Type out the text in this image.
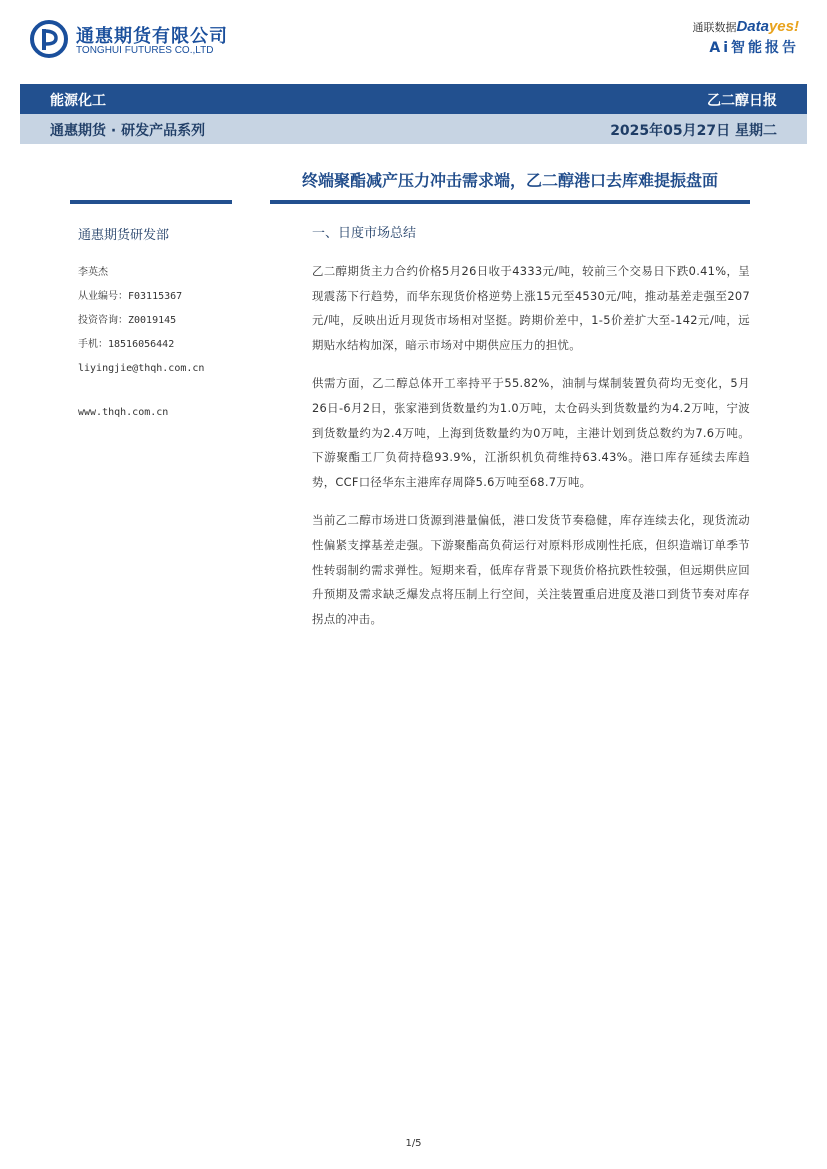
通惠期货有限公司
TONGHUI FUTURES CO.,LTD
通联数据Datayes!
Ai智能报告
能源化工	乙二醇日报
通惠期货 · 研发产品系列	2025年05月27日 星期二
终端聚酯减产压力冲击需求端，乙二醇港口去库难提振盘面
通惠期货研发部
李英杰
从业编号：F03115367
投资咨询：Z0019145
手机：18516056442
liyingjie@thqh.com.cn
www.thqh.com.cn
一、日度市场总结

乙二醇期货主力合约价格5月26日收于4333元/吨，较前三个交易日下跌0.41%，呈现震荡下行趋势，而华东现货价格逆势上涨15元至4530元/吨，推动基差走强至207元/吨，反映出近月现货市场相对坚挺。跨期价差中，1-5价差扩大至-142元/吨，远期贴水结构加深，暗示市场对中期供应压力的担忧。

供需方面，乙二醇总体开工率持平于55.82%，油制与煤制装置负荷均无变化，5月26日-6月2日，张家港到货数量约为1.0万吨，太仓码头到货数量约为4.2万吨，宁波到货数量约为2.4万吨，上海到货数量约为0万吨，主港计划到货总数约为7.6万吨。下游聚酯工厂负荷持稳93.9%，江浙织机负荷维持63.43%。港口库存延续去库趋势，CCF口径华东主港库存周降5.6万吨至68.7万吨。

当前乙二醇市场进口货源到港量偏低，港口发货节奏稳健，库存连续去化，现货流动性偏紧支撑基差走强。下游聚酯高负荷运行对原料形成刚性托底，但织造端订单季节性转弱制约需求弹性。短期来看，低库存背景下现货价格抗跌性较强，但远期供应回升预期及需求缺乏爆发点将压制上行空间，关注装置重启进度及港口到货节奏对库存拐点的冲击。

1/5
